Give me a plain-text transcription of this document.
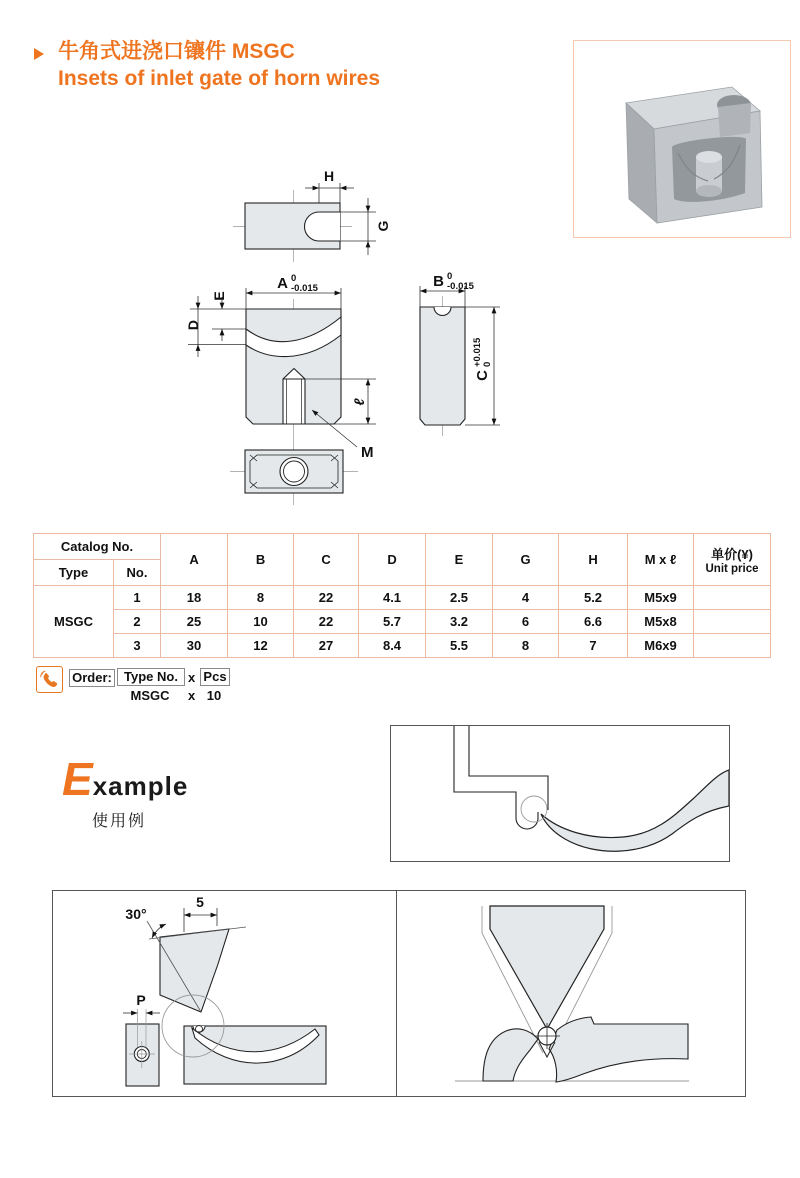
牛角式进浇口镶件 MSGC
Insets of inlet gate of horn wires
H
G
A 0
-0.015
E
D
ℓ
M
B 0
-0.015
C
+0.015 0
Catalog No.		A	B	C	D	E	G	H	M x ℓ	单价(¥)
Unit price

Type	No.									
MSGC	1	18	8	22	4.1	2.5	4	5.2	M5x9	
	2	25	10	22	5.7	3.2	6	6.6	M5x8	
	3	30	12	27	8.4	5.5	8	7	M6x9	
Order: Type No. x Pcs
MSGC	x 10
Example
使用例
P
30°
5
